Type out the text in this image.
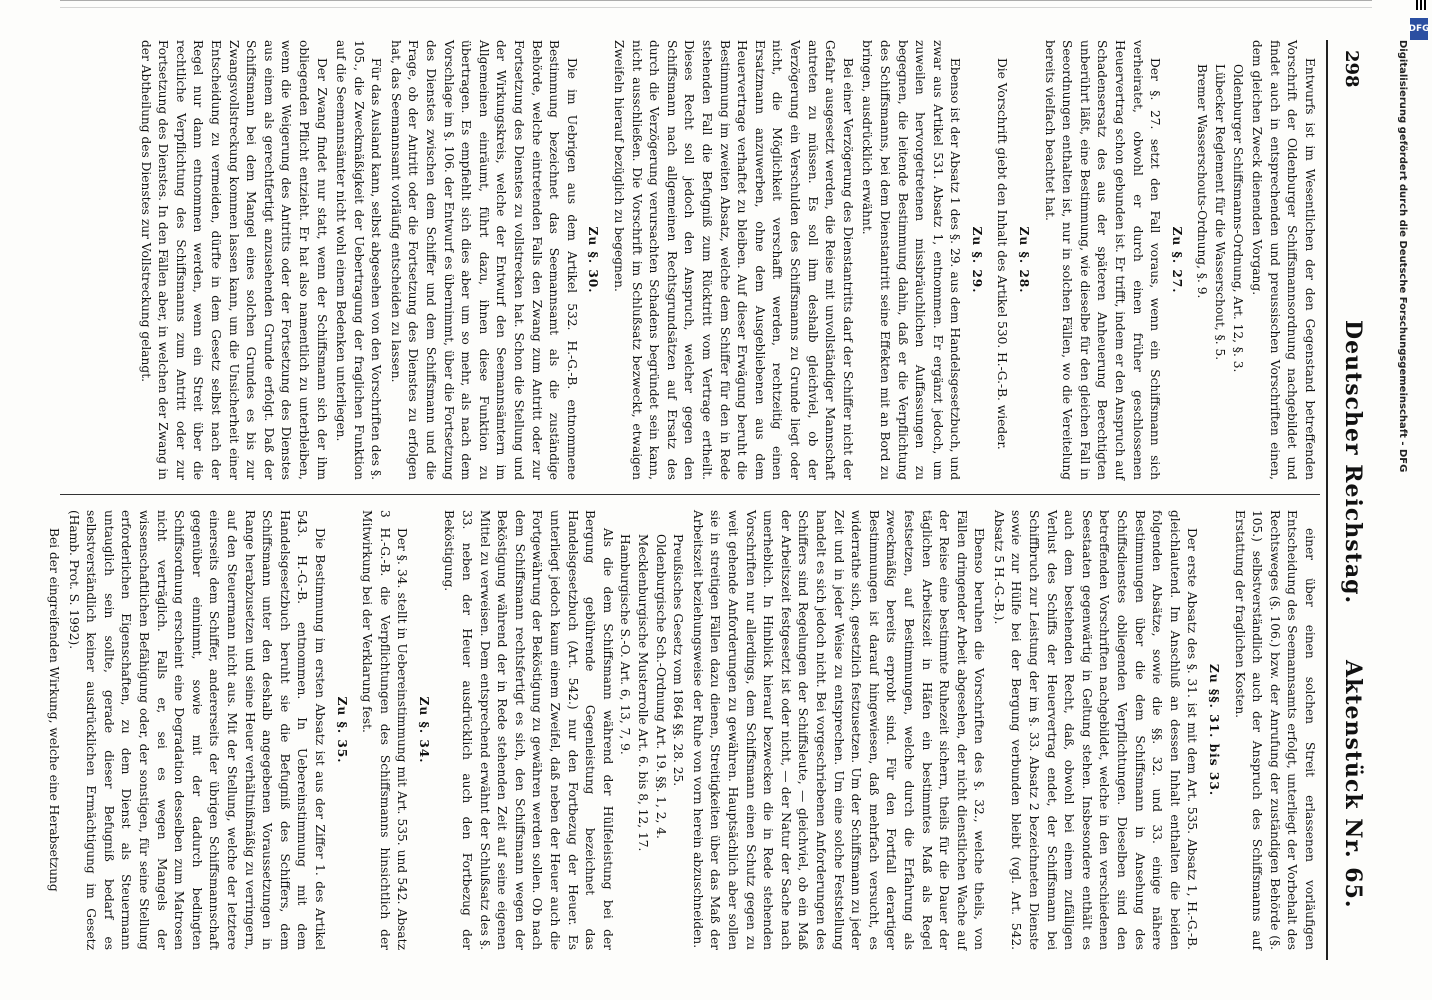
DFG
Digitalisierung gefördert durch die Deutsche Forschungsgemeinschaft - DFG
298
Deutscher Reichstag.
Aktenstück Nr. 65.

Entwurfs ist im Wesentlichen der den Gegenstand betreffenden Vorschrift der Oldenburger Schiffsmannsordnung nachgebildet und findet auch in entsprechenden und preussischen Vorschriften einen, dem gleichen Zweck dienenden Vorgang.

Oldenburger Schiffsmanns-Ordnung, Art. 12, §. 3.

Lübecker Reglement für die Wasserschout, §. 5.

Bremer Wasserschouts-Ordnung, §. 9.

Zu §. 27.

Der §. 27. setzt den Fall voraus, wenn ein Schiffsmann sich verheiratet, obwohl er durch einen früher geschlossenen Heuervertrag schon gebunden ist. Er trifft, indem er den Anspruch auf Schadensersatz des aus der späteren Anheuerung Berechtigten unberührt läßt, eine Bestimmung, wie dieselbe für den gleichen Fall in Seeordnungen enthalten ist, nur in solchen Fällen, wo die Vereitelung bereits vielfach beachtet hat.

Zu §. 28.

Die Vorschrift giebt den Inhalt des Artikel 530. H.-G.-B. wieder.

Zu §. 29.

Ebenso ist der Absatz 1 des §. 29. aus dem Handelsgesetzbuch, und zwar aus Artikel 531. Absatz 1, entnommen. Er ergänzt jedoch, um zuweilen hervorgetretenen missbräuchlichen Auffassungen zu begegnen, die leitende Bestimmung dahin, daß er die Verpflichtung des Schiffsmanns, bei dem Dienstantritt seine Effekten mit an Bord zu bringen, ausdrücklich erwähnt.

Bei einer Verzögerung des Dienstantritts darf der Schiffer nicht der Gefahr ausgesetzt werden, die Reise mit unvollständiger Mannschaft antreten zu müssen. Es soll ihm deshalb gleichviel, ob der Verzögerung ein Verschulden des Schiffsmanns zu Grunde liegt oder nicht, die Möglichkeit verschafft werden, rechtzeitig einen Ersatzmann anzuwerben, ohne dem Ausgebliebenen aus dem Heuervertrage verhaftet zu bleiben. Auf dieser Erwägung beruht die Bestimmung im zweiten Absatz, welche dem Schiffer für den in Rede stehenden Fall die Befugniß zum Rücktritt vom Vertrage ertheilt. Dieses Recht soll jedoch den Anspruch, welcher gegen den Schiffsmann nach allgemeinen Rechtsgrundsätzen auf Ersatz des durch die Verzögerung verursachten Schadens begründet sein kann, nicht ausschließen. Die Vorschrift im Schlußsatz bezweckt, etwaigen Zweifeln hierauf bezüglich zu begegnen.

Zu §. 30.

Die im Uebrigen aus dem Artikel 532. H.-G.-B. entnommene Bestimmung bezeichnet das Seemannsamt als die zuständige Behörde, welche eintretenden Falls den Zwang zum Antritt oder zur Fortsetzung des Dienstes zu vollstrecken hat. Schon die Stellung und der Wirkungskreis, welche der Entwurf den Seemannsämtern im Allgemeinen einräumt, führt dazu, ihnen diese Funktion zu übertragen. Es empfiehlt sich dies aber um so mehr, als nach dem Vorschlage im §. 106. der Entwurf es übernimmt, über die Fortsetzung des Dienstes zwischen dem Schiffer und dem Schiffsmann und die Frage, ob der Antritt oder die Fortsetzung des Dienstes zu erfolgen hat, das Seemannsamt vorläufig entscheiden zu lassen.

Für das Ausland kann, selbst abgesehen von den Vorschriften des §. 105., die Zweckmäßigkeit der Uebertragung der fraglichen Funktion auf die Seemannsämter nicht wohl einem Bedenken unterliegen.

Der Zwang findet nur statt, wenn der Schiffsmann sich der ihm obliegenden Pflicht entzieht. Er hat also namentlich zu unterbleiben, wenn die Weigerung des Antritts oder der Fortsetzung des Dienstes aus einem als gerechtfertigt anzusehenden Grunde erfolgt. Daß der Schiffsmann bei dem Mangel eines solchen Grundes es bis zur Zwangsvollstreckung kommen lassen kann, um die Unsicherheit einer Entscheidung zu vermeiden, dürfte in dem Gesetz selbst nach der Regel nur dann entnommen werden, wenn ein Streit über die rechtliche Verpflichtung des Schiffsmanns zum Antritt oder zur Fortsetzung des Dienstes. In den Fällen aber, in welchen der Zwang in der Abtheilung des Dienstes zur Vollstreckung gelangt.

einer über einen solchen Streit erlassenen vorläufigen Entscheidung des Seemannsamts erfolgt, unterliegt der Vorbehalt des Rechtsweges (§. 106.) bzw. der Anrufung der zuständigen Behörde (§. 105.) selbstverständlich auch der Anspruch des Schiffsmanns auf Erstattung der fraglichen Kosten.

Zu §§. 31. bis 33.

Der erste Absatz des §. 31. ist mit dem Art. 535. Absatz 1, H.-G.-B. gleichlautend. Im Anschluß an dessen Inhalt enthalten die beiden folgenden Absätze, sowie die §§. 32. und 33. einige nähere Bestimmungen über die dem Schiffsmann in Ansehung des Schiffsdienstes obliegenden Verpflichtungen. Dieselben sind den betreffenden Vorschriften nachgebildet, welche in den verschiedenen Seestaaten gegenwärtig in Geltung stehen. Insbesondere enthält es auch dem bestehenden Recht, daß, obwohl bei einem zufälligen Verlust des Schiffs der Heuervertrag endet, der Schiffsmann bei Schiffbruch zur Leistung der im §. 33. Absatz 2 bezeichneten Dienste sowie zur Hülfe bei der Bergung verbunden bleibt (vgl. Art. 542. Absatz 5 H.-G.-B.).

Ebenso beruhen die Vorschriften des §. 32., welche theils, von Fällen dringender Arbeit abgesehen, der nicht dienstlichen Wache auf der Reise eine bestimmte Ruhezeit sichern, theils für die Dauer der täglichen Arbeitszeit in Häfen ein bestimmtes Maß als Regel festsetzen, auf Bestimmungen, welche durch die Erfahrung als zweckmäßig bereits erprobt sind. Für den Fortfall derartiger Bestimmungen ist darauf hingewiesen, daß mehrfach versucht, es widerrathe sich, gesetzlich festzusetzen. Um der Schiffsmann zu jeder Zeit und in jeder Weise zu entsprechen. Um eine solche Feststellung handelt es sich jedoch nicht. Bei vorgeschriebenen Anforderungen des Schiffers sind Regelungen der Schiffsleute, — gleichviel, ob ein Maß der Arbeitszeit festgesetzt ist oder nicht, — der Natur der Sache nach unerheblich. In Hinblick hierauf bezwecken die in Rede stehenden Vorschriften nur allerdings, dem Schiffsmann einen Schutz gegen zu weit gehende Anforderungen zu gewähren. Hauptsächlich aber sollen sie in streitigen Fällen dazu dienen, Streitigkeiten über das Maß der Arbeitszeit beziehungsweise der Ruhe von vorn herein abzuschneiden.

Preußisches Gesetz vom 1864 §§. 28. 25.

Oldenburgische Sch.-Ordnung Art. 19. §§. 1, 2, 4.

Mecklenburgische Musterrolle Art. 6. bis 8, 12, 17.

Hamburgische S.-O. Art. 6, 13, 7, 9.

Als die dem Schiffsmann während der Hülfeleistung bei der Bergung gebührende Gegenleistung bezeichnet das Handelsgesetzbuch (Art. 542.) nur den Fortbezug der Heuer. Es unterliegt jedoch kaum einem Zweifel, daß neben der Heuer auch die Fortgewährung der Beköstigung zu gewähren werden sollen. Ob nach dem Schiffsmann rechtsfertigt es sich, den Schiffsmann wegen der Beköstigung während der in Rede stehenden Zeit auf seine eigenen Mittel zu verweisen. Dem entsprechend erwähnt der Schlußsatz des §. 33. neben der Heuer ausdrücklich auch den Fortbezug der Beköstigung.

Zu §. 34.

Der §. 34. stellt in Uebereinstimmung mit Art. 535. und 542. Absatz 3 H.-G.-B. die Verpflichtungen des Schiffsmanns hinsichtlich der Mitwirkung bei der Verklarung fest.

Zu §. 35.

Die Bestimmung im ersten Absatz ist aus der Ziffer 1. des Artikel 543. H.-G.-B. entnommen. In Uebereinstimmung mit dem Handelsgesetzbuch beruht sie die Befugniß des Schiffers, dem Schiffsmann unter den deshalb angegebenen Voraussetzungen in Range herabzusetzen und seine Heuer verhältnißmäßig zu verringern, auf den Steuermann nicht aus. Mit der Stellung, welche der letztere einerseits dem Schiffer, andererseits der übrigen Schiffsmannschaft gegenüber einnimmt, sowie mit der dadurch bedingten Schiffsordnung erscheint eine Degradation desselben zum Matrosen nicht verträglich. Falls er, sei es wegen Mangels der wissenschaftlichen Befähigung oder, der sonstigen, für seine Stellung erforderlichen Eigenschaften, zu dem Dienst als Steuermann untauglich sein sollte, gerade dieser Befugniß bedarf es selbstverständlich keiner ausdrücklichen Ermächtigung im Gesetz (Hamb. Prot. S. 1992).

Bei der eingreifenden Wirkung, welche eine Herabsetzung
